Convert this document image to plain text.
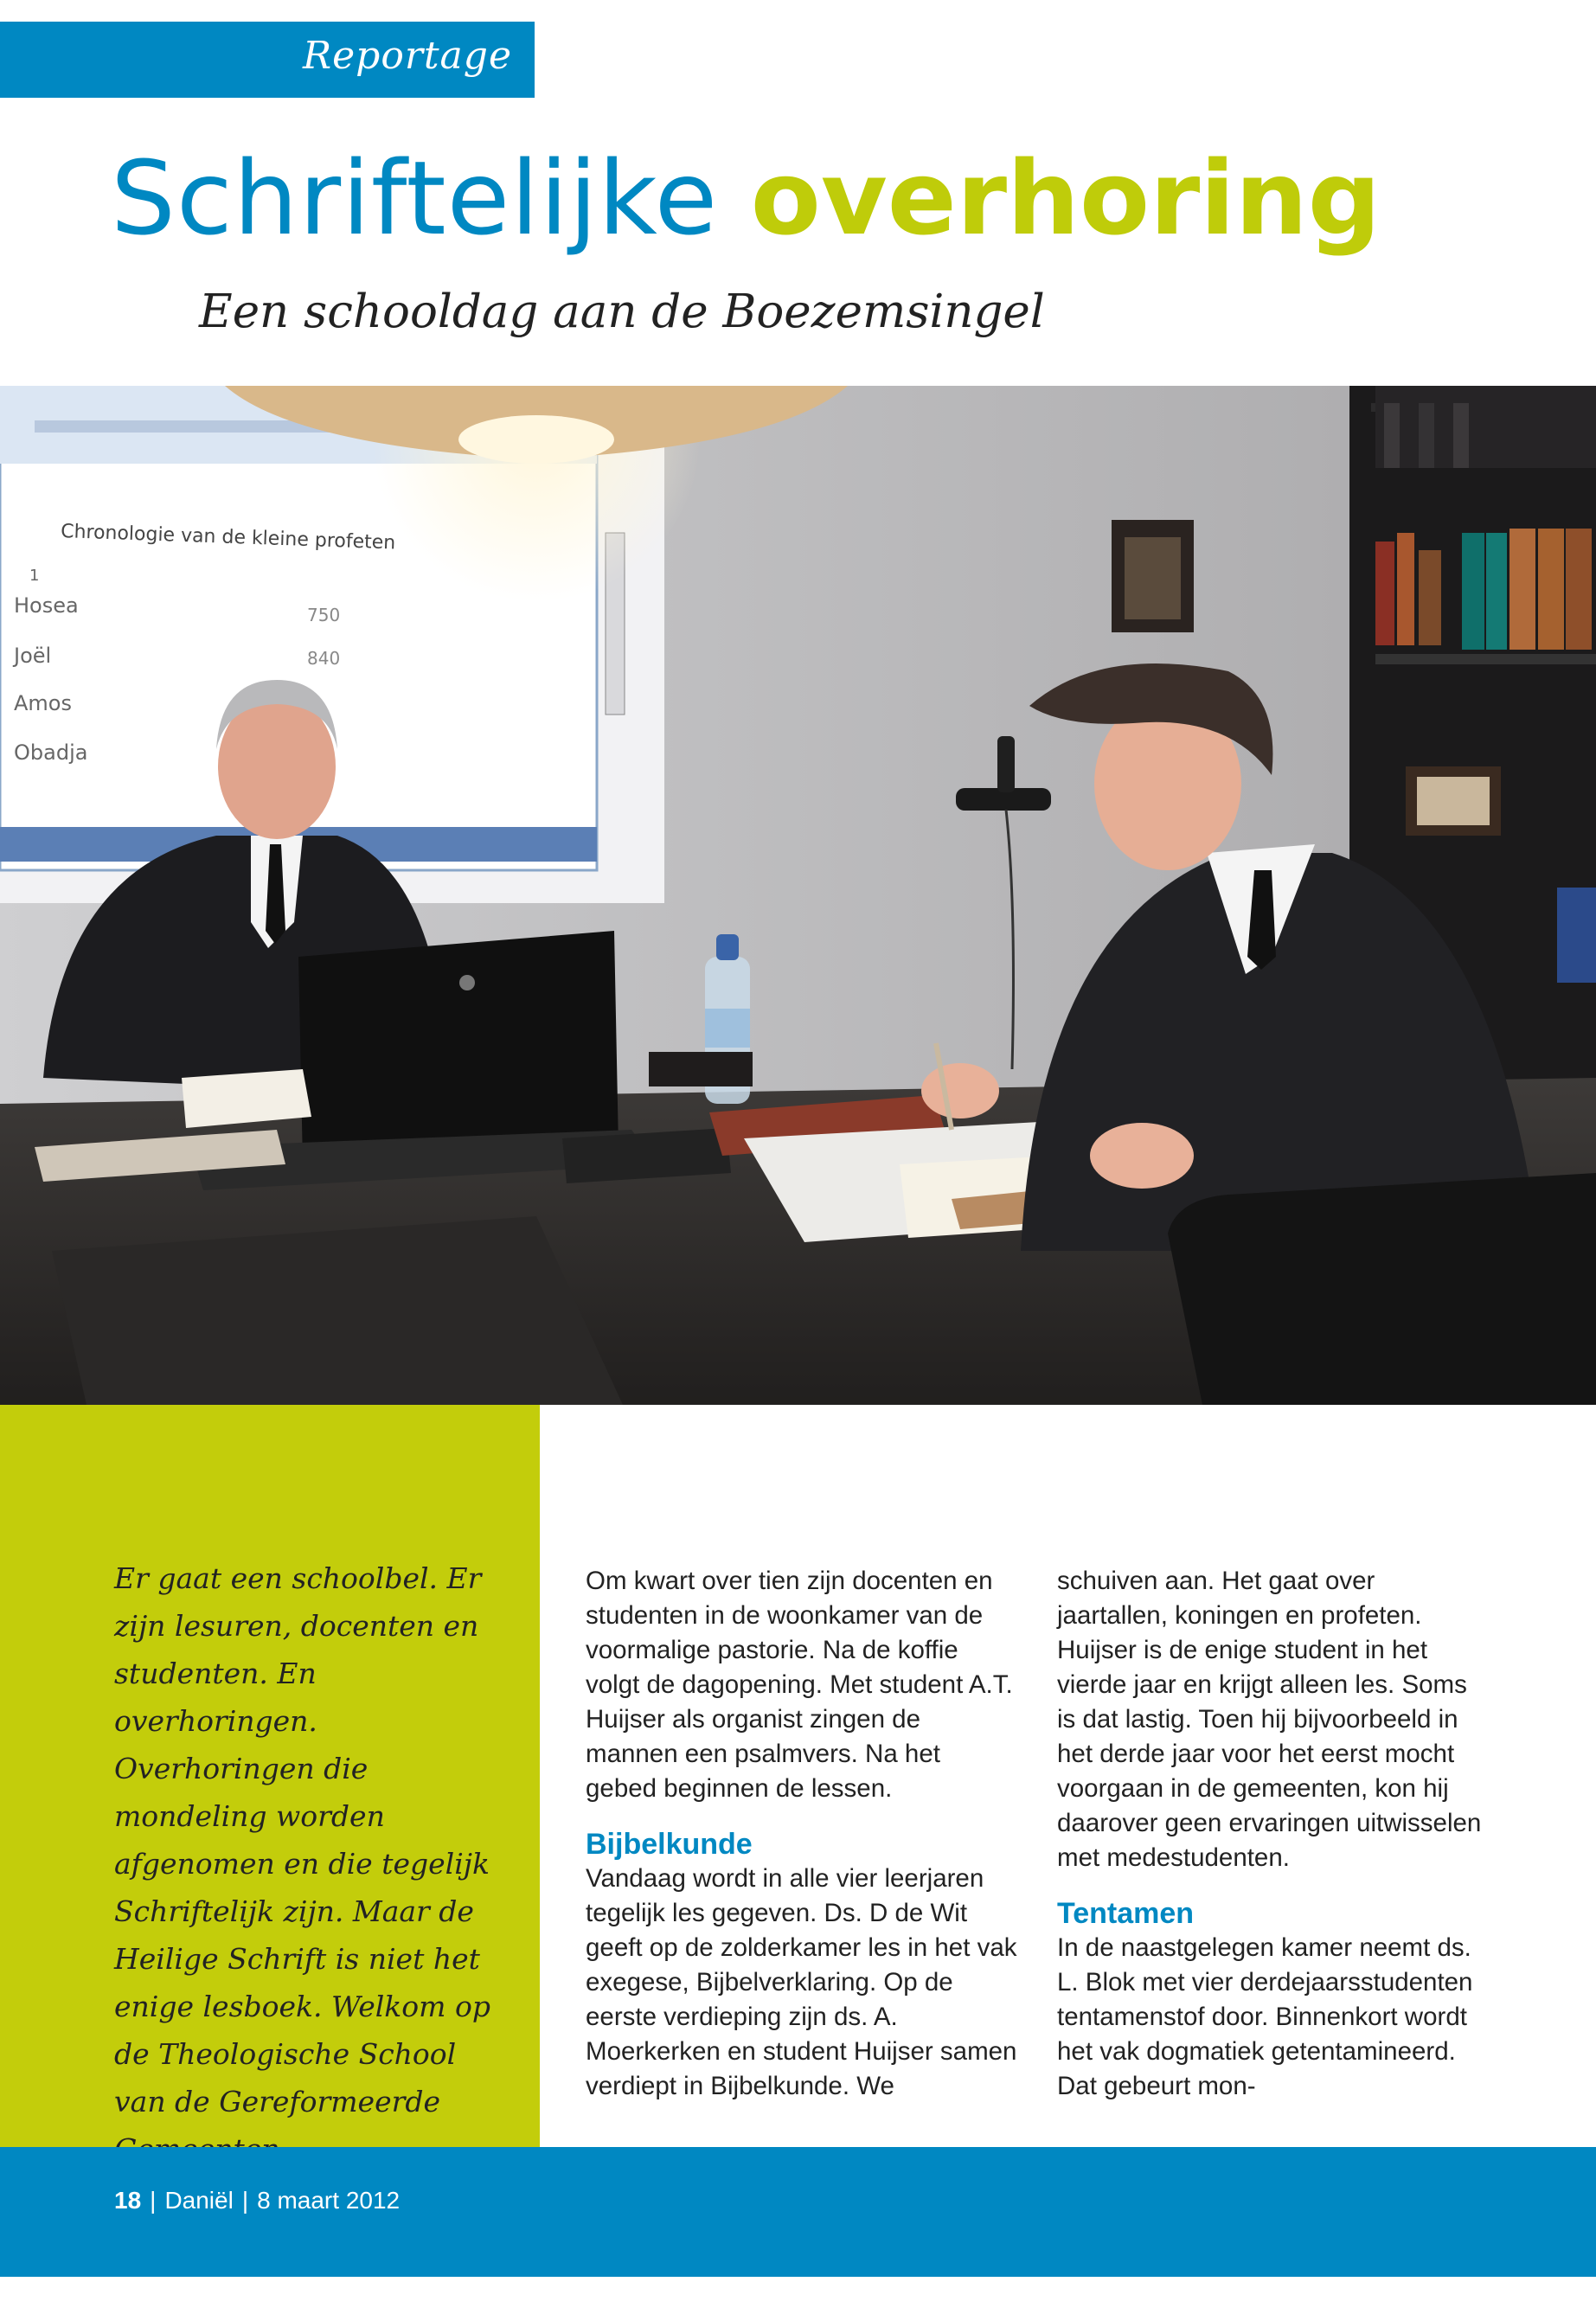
Reportage
Schriftelijke overhoring
Een schooldag aan de Boezemsingel
Chronologie van de kleine profeten
1
Hosea	750
Joël	840
Amos
Obadja

Er gaat een schoolbel. Er zijn lesuren, docenten en studenten. En overhoringen. Overhoringen die mondeling worden afgenomen en die tegelijk Schriftelijk zijn. Maar de Heilige Schrift is niet het enige lesboek. Welkom op de Theologische School van de Gereformeerde

Om kwart over tien zijn docenten en studenten in de woonkamer van de voormalige pastorie. Na de koffie volgt de dagopening. Met student A.T. Huijser als organist zingen de mannen een psalmvers. Na het gebed beginnen de lessen.

Bijbelkunde

Vandaag wordt in alle vier leerjaren tegelijk les gegeven. Ds. D de Wit geeft op de zolderkamer les in het vak exegese, Bijbelverklaring. Op de eerste verdieping zijn ds. A. Moerkerken en student Huijser samen verdiept in Bijbelkunde. We

schuiven aan. Het gaat over jaartallen, koningen en profeten. Huijser is de enige student in het vierde jaar en krijgt alleen les. Soms is dat lastig. Toen hij bijvoorbeeld in het derde jaar voor het eerst mocht voorgaan in de gemeenten, kon hij daarover geen ervaringen uitwisselen met medestudenten.

Tentamen

In de naastgelegen kamer neemt ds. L. Blok met vier derdejaarsstudenten tentamenstof door. Binnenkort wordt het vak dogmatiek getentamineerd. Dat gebeurt mon-

18 | Daniël | 8 maart 2012
